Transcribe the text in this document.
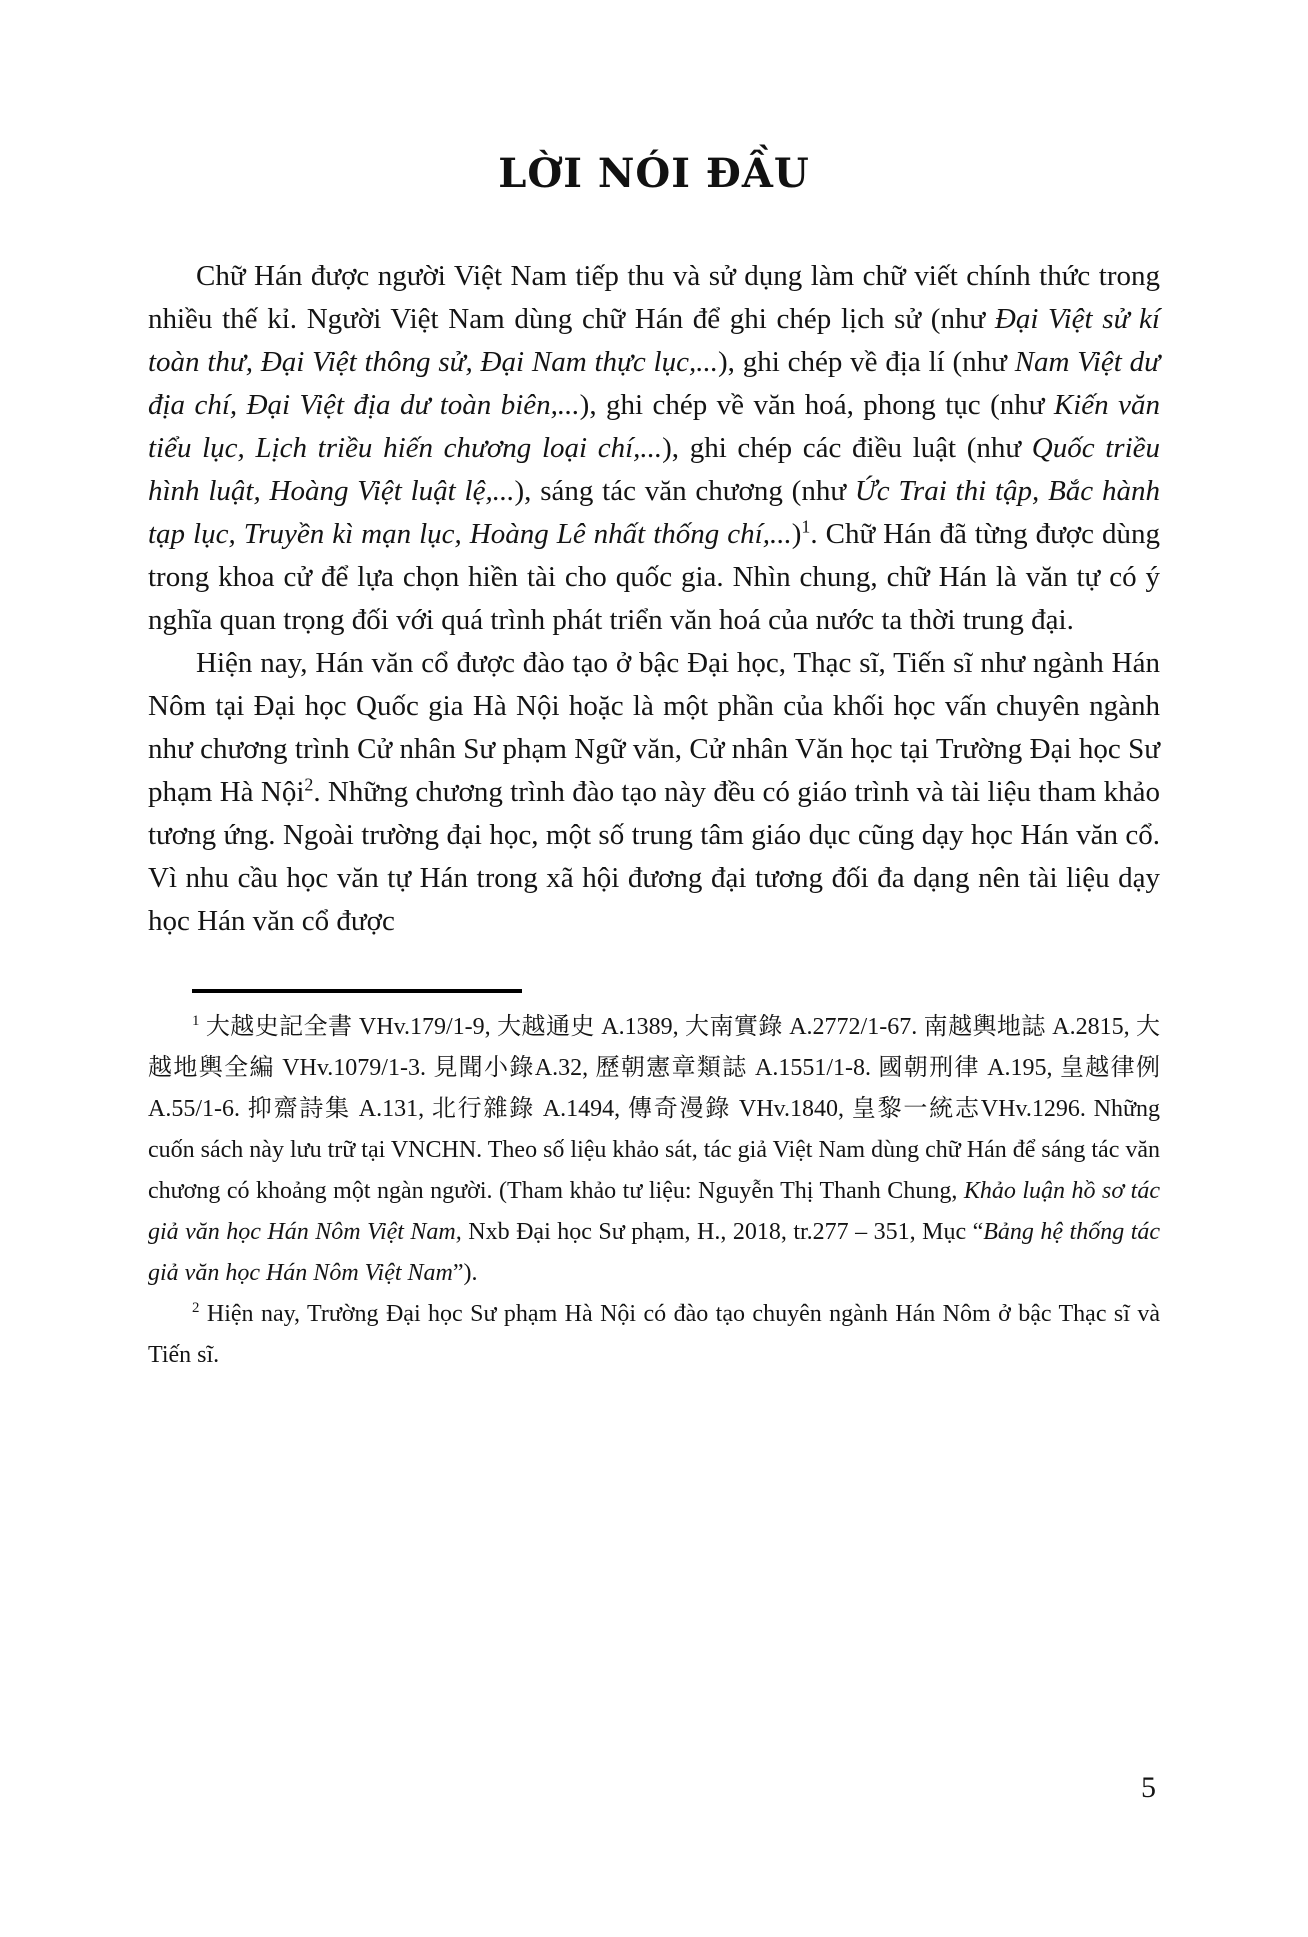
LỜI NÓI ĐẦU

Chữ Hán được người Việt Nam tiếp thu và sử dụng làm chữ viết chính thức trong nhiều thế kỉ. Người Việt Nam dùng chữ Hán để ghi chép lịch sử (như Đại Việt sử kí toàn thư, Đại Việt thông sử, Đại Nam thực lục,...), ghi chép về địa lí (như Nam Việt dư địa chí, Đại Việt địa dư toàn biên,...), ghi chép về văn hoá, phong tục (như Kiến văn tiểu lục, Lịch triều hiến chương loại chí,...), ghi chép các điều luật (như Quốc triều hình luật, Hoàng Việt luật lệ,...), sáng tác văn chương (như Ức Trai thi tập, Bắc hành tạp lục, Truyền kì mạn lục, Hoàng Lê nhất thống chí,...)$^1$. Chữ Hán đã từng được dùng trong khoa cử để lựa chọn hiền tài cho quốc gia. Nhìn chung, chữ Hán là văn tự có ý nghĩa quan trọng đối với quá trình phát triển văn hoá của nước ta thời trung đại.

Hiện nay, Hán văn cổ được đào tạo ở bậc Đại học, Thạc sĩ, Tiến sĩ như ngành Hán Nôm tại Đại học Quốc gia Hà Nội hoặc là một phần của khối học vấn chuyên ngành như chương trình Cử nhân Sư phạm Ngữ văn, Cử nhân Văn học tại Trường Đại học Sư phạm Hà Nội$^2$. Những chương trình đào tạo này đều có giáo trình và tài liệu tham khảo tương ứng. Ngoài trường đại học, một số trung tâm giáo dục cũng dạy học Hán văn cổ. Vì nhu cầu học văn tự Hán trong xã hội đương đại tương đối đa dạng nên tài liệu dạy học Hán văn cổ được

$^1$ 大越史記全書 VHv.179/1-9, 大越通史 A.1389, 大南實錄 A.2772/1-67. 南越輿地誌 A.2815, 大越地輿全編 VHv.1079/1-3. 見聞小錄A.32, 歷朝憲章類誌 A.1551/1-8. 國朝刑律 A.195, 皇越律例A.55/1-6. 抑齋詩集 A.131, 北行雜錄 A.1494, 傳奇漫錄 VHv.1840, 皇黎一統志VHv.1296. Những cuốn sách này lưu trữ tại VNCHN. Theo số liệu khảo sát, tác giả Việt Nam dùng chữ Hán để sáng tác văn chương có khoảng một ngàn người. (Tham khảo tư liệu: Nguyễn Thị Thanh Chung, Khảo luận hồ sơ tác giả văn học Hán Nôm Việt Nam, Nxb Đại học Sư phạm, H., 2018, tr.277 – 351, Mục “Bảng hệ thống tác giả văn học Hán Nôm Việt Nam”).

$^2$ Hiện nay, Trường Đại học Sư phạm Hà Nội có đào tạo chuyên ngành Hán Nôm ở bậc Thạc sĩ và Tiến sĩ.

5
